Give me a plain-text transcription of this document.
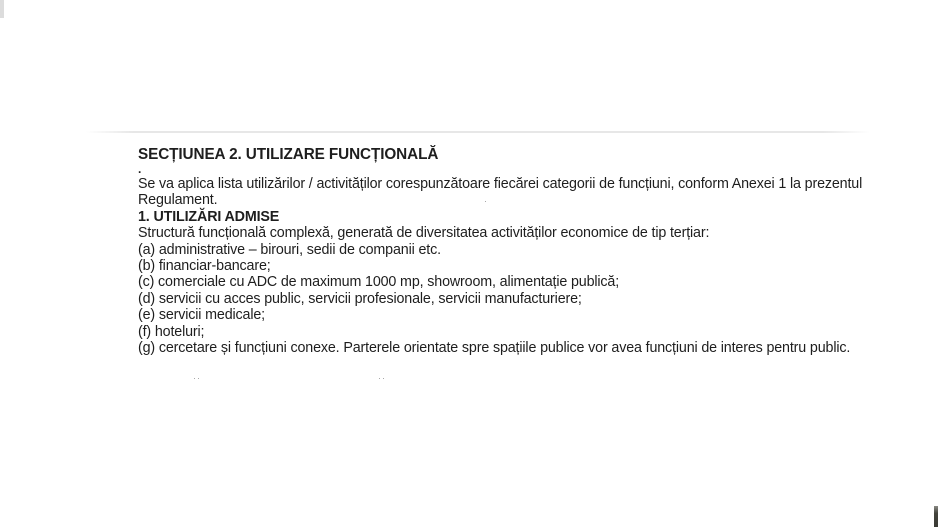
SECȚIUNEA 2. UTILIZARE FUNCȚIONALĂ
.

Se va aplica lista utilizărilor / activităților corespunzătoare fiecărei categorii de funcțiuni, conform Anexei 1 la prezentul Regulament.

1. UTILIZĂRI ADMISE

Structură funcțională complexă, generată de diversitatea activităților economice de tip terțiar:

(a) administrative – birouri, sedii de companii etc.
(b) financiar-bancare;
(c) comerciale cu ADC de maximum 1000 mp, showroom, alimentație publică;
(d) servicii cu acces public, servicii profesionale, servicii manufacturiere;
(e) servicii medicale;
(f) hoteluri;
(g) cercetare și funcțiuni conexe. Parterele orientate spre spațiile publice vor avea funcțiuni de interes pentru public.
·
··	··
